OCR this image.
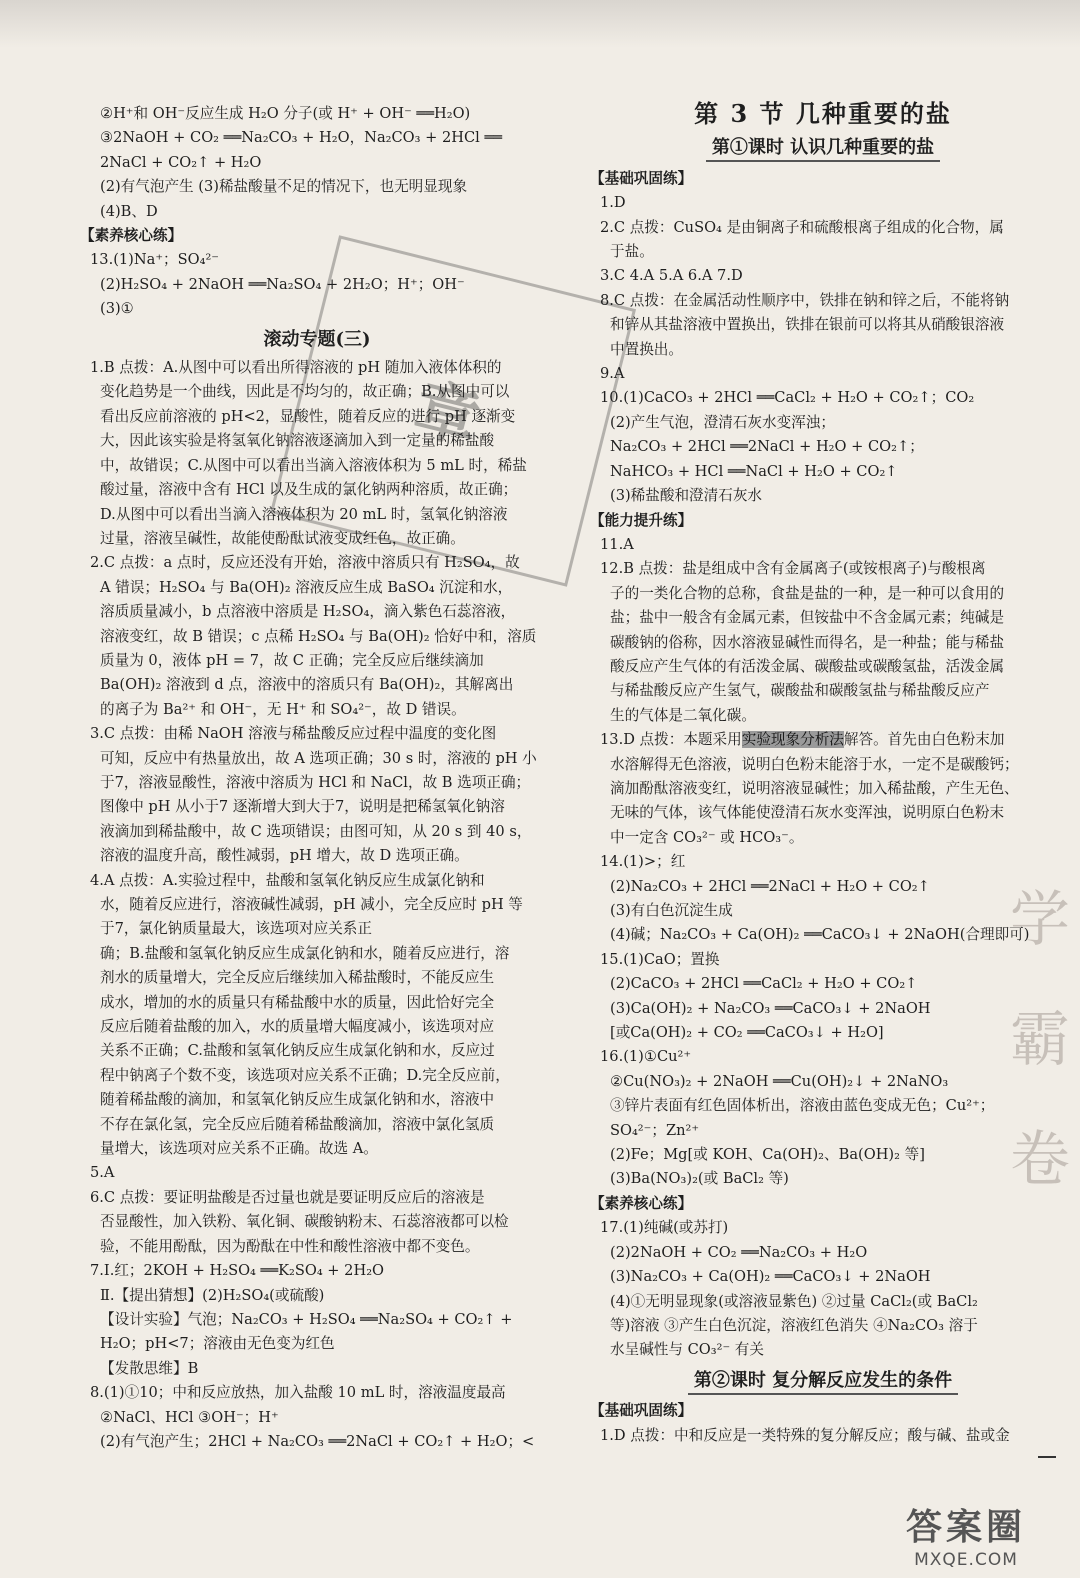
②H⁺和 OH⁻反应生成 H₂O 分子(或 H⁺ + OH⁻ ══H₂O)
③2NaOH + CO₂ ══Na₂CO₃ + H₂O，Na₂CO₃ + 2HCl ══
2NaCl + CO₂↑ + H₂O
(2)有气泡产生 (3)稀盐酸量不足的情况下，也无明显现象
(4)B、D
【素养核心练】
13.(1)Na⁺；SO₄²⁻
(2)H₂SO₄ + 2NaOH ══Na₂SO₄ + 2H₂O；H⁺；OH⁻
(3)①
滚动专题(三)
1.B 点拨：A.从图中可以看出所得溶液的 pH 随加入液体体积的
变化趋势是一个曲线，因此是不均匀的，故正确；B.从图中可以
看出反应前溶液的 pH<2，显酸性，随着反应的进行 pH 逐渐变
大，因此该实验是将氢氧化钠溶液逐滴加入到一定量的稀盐酸
中，故错误；C.从图中可以看出当滴入溶液体积为 5 mL 时，稀盐
酸过量，溶液中含有 HCl 以及生成的氯化钠两种溶质，故正确；
D.从图中可以看出当滴入溶液体积为 20 mL 时，氢氧化钠溶液
过量，溶液呈碱性，故能使酚酞试液变成红色，故正确。
2.C 点拨：a 点时，反应还没有开始，溶液中溶质只有 H₂SO₄，故
A 错误；H₂SO₄ 与 Ba(OH)₂ 溶液反应生成 BaSO₄ 沉淀和水，
溶质质量减小，b 点溶液中溶质是 H₂SO₄，滴入紫色石蕊溶液，
溶液变红，故 B 错误；c 点稀 H₂SO₄ 与 Ba(OH)₂ 恰好中和，溶质
质量为 0，液体 pH = 7，故 C 正确；完全反应后继续滴加
Ba(OH)₂ 溶液到 d 点，溶液中的溶质只有 Ba(OH)₂，其解离出
的离子为 Ba²⁺ 和 OH⁻，无 H⁺ 和 SO₄²⁻，故 D 错误。
3.C 点拨：由稀 NaOH 溶液与稀盐酸反应过程中温度的变化图
可知，反应中有热量放出，故 A 选项正确；30 s 时，溶液的 pH 小
于7，溶液显酸性，溶液中溶质为 HCl 和 NaCl，故 B 选项正确；
图像中 pH 从小于7 逐渐增大到大于7，说明是把稀氢氧化钠溶
液滴加到稀盐酸中，故 C 选项错误；由图可知，从 20 s 到 40 s，
溶液的温度升高，酸性减弱，pH 增大，故 D 选项正确。
4.A 点拨：A.实验过程中，盐酸和氢氧化钠反应生成氯化钠和
水，随着反应进行，溶液碱性减弱，pH 减小，完全反应时 pH 等
于7，氯化钠质量最大，该选项对应关系正
确；B.盐酸和氢氧化钠反应生成氯化钠和水，随着反应进行，溶
剂水的质量增大，完全反应后继续加入稀盐酸时，不能反应生
成水，增加的水的质量只有稀盐酸中水的质量，因此恰好完全
反应后随着盐酸的加入，水的质量增大幅度减小，该选项对应
关系不正确；C.盐酸和氢氧化钠反应生成氯化钠和水，反应过
程中钠离子个数不变，该选项对应关系不正确；D.完全反应前，
随着稀盐酸的滴加，和氢氧化钠反应生成氯化钠和水，溶液中
不存在氯化氢，完全反应后随着稀盐酸滴加，溶液中氯化氢质
量增大，该选项对应关系不正确。故选 A。
5.A
6.C 点拨：要证明盐酸是否过量也就是要证明反应后的溶液是
否显酸性，加入铁粉、氧化铜、碳酸钠粉末、石蕊溶液都可以检
验，不能用酚酞，因为酚酞在中性和酸性溶液中都不变色。
7.Ⅰ.红；2KOH + H₂SO₄ ══K₂SO₄ + 2H₂O
Ⅱ.【提出猜想】(2)H₂SO₄(或硫酸)
【设计实验】气泡；Na₂CO₃ + H₂SO₄ ══Na₂SO₄ + CO₂↑ +
H₂O；pH<7；溶液由无色变为红色
【发散思维】B
8.(1)①10；中和反应放热，加入盐酸 10 mL 时，溶液温度最高
②NaCl、HCl ③OH⁻；H⁺
(2)有气泡产生；2HCl + Na₂CO₃ ══2NaCl + CO₂↑ + H₂O；<
第 3 节 几种重要的盐
第①课时 认识几种重要的盐
【基础巩固练】
1.D
2.C 点拨：CuSO₄ 是由铜离子和硫酸根离子组成的化合物，属
于盐。
3.C 4.A 5.A 6.A 7.D
8.C 点拨：在金属活动性顺序中，铁排在钠和锌之后，不能将钠
和锌从其盐溶液中置换出，铁排在银前可以将其从硝酸银溶液
中置换出。
9.A
10.(1)CaCO₃ + 2HCl ══CaCl₂ + H₂O + CO₂↑；CO₂
(2)产生气泡，澄清石灰水变浑浊；
Na₂CO₃ + 2HCl ══2NaCl + H₂O + CO₂↑；
NaHCO₃ + HCl ══NaCl + H₂O + CO₂↑
(3)稀盐酸和澄清石灰水
【能力提升练】
11.A
12.B 点拨：盐是组成中含有金属离子(或铵根离子)与酸根离
子的一类化合物的总称，食盐是盐的一种，是一种可以食用的
盐；盐中一般含有金属元素，但铵盐中不含金属元素；纯碱是
碳酸钠的俗称，因水溶液显碱性而得名，是一种盐；能与稀盐
酸反应产生气体的有活泼金属、碳酸盐或碳酸氢盐，活泼金属
与稀盐酸反应产生氢气，碳酸盐和碳酸氢盐与稀盐酸反应产
生的气体是二氧化碳。
13.D 点拨：本题采用实验现象分析法解答。首先由白色粉末加
水溶解得无色溶液，说明白色粉末能溶于水，一定不是碳酸钙；
滴加酚酞溶液变红，说明溶液显碱性；加入稀盐酸，产生无色、
无味的气体，该气体能使澄清石灰水变浑浊，说明原白色粉末
中一定含 CO₃²⁻ 或 HCO₃⁻。
14.(1)>；红
(2)Na₂CO₃ + 2HCl ══2NaCl + H₂O + CO₂↑
(3)有白色沉淀生成
(4)碱；Na₂CO₃ + Ca(OH)₂ ══CaCO₃↓ + 2NaOH(合理即可)
15.(1)CaO；置换
(2)CaCO₃ + 2HCl ══CaCl₂ + H₂O + CO₂↑
(3)Ca(OH)₂ + Na₂CO₃ ══CaCO₃↓ + 2NaOH
[或Ca(OH)₂ + CO₂ ══CaCO₃↓ + H₂O]
16.(1)①Cu²⁺
②Cu(NO₃)₂ + 2NaOH ══Cu(OH)₂↓ + 2NaNO₃
③锌片表面有红色固体析出，溶液由蓝色变成无色；Cu²⁺；
SO₄²⁻；Zn²⁺
(2)Fe；Mg[或 KOH、Ca(OH)₂、Ba(OH)₂ 等]
(3)Ba(NO₃)₂(或 BaCl₂ 等)
【素养核心练】
17.(1)纯碱(或苏打)
(2)2NaOH + CO₂ ══Na₂CO₃ + H₂O
(3)Na₂CO₃ + Ca(OH)₂ ══CaCO₃↓ + 2NaOH
(4)①无明显现象(或溶液显紫色) ②过量 CaCl₂(或 BaCl₂
等)溶液 ③产生白色沉淀，溶液红色消失 ④Na₂CO₃ 溶于
水呈碱性与 CO₃²⁻ 有关
第②课时 复分解反应发生的条件
【基础巩固练】
1.D 点拨：中和反应是一类特殊的复分解反应；酸与碱、盐或金
章
学
霸
卷
答案圈
MXQE.COM
